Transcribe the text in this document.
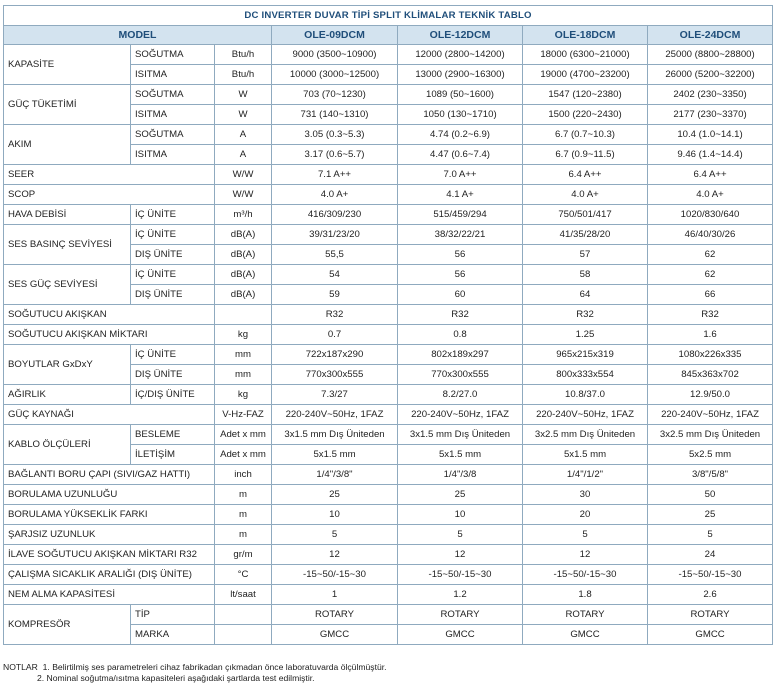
DC INVERTER DUVAR TİPİ SPLIT KLİMALAR TEKNİK TABLO						
MODEL			OLE-09DCM	OLE-12DCM	OLE-18DCM	OLE-24DCM
KAPASİTE	SOĞUTMA	Btu/h	9000 (3500~10900)	12000 (2800~14200)	18000 (6300~21000)	25000 (8800~28800)
	ISITMA	Btu/h	10000 (3000~12500)	13000 (2900~16300)	19000 (4700~23200)	26000 (5200~32200)
GÜÇ TÜKETİMİ	SOĞUTMA	W	703 (70~1230)	1089 (50~1600)	1547 (120~2380)	2402 (230~3350)
	ISITMA	W	731 (140~1310)	1050 (130~1710)	1500 (220~2430)	2177 (230~3370)
AKIM	SOĞUTMA	A	3.05 (0.3~5.3)	4.74 (0.2~6.9)	6.7 (0.7~10.3)	10.4 (1.0~14.1)
	ISITMA	A	3.17 (0.6~5.7)	4.47 (0.6~7.4)	6.7 (0.9~11.5)	9.46 (1.4~14.4)
SEER		W/W	7.1 A++	7.0 A++	6.4 A++	6.4 A++
SCOP		W/W	4.0 A+	4.1 A+	4.0 A+	4.0 A+
HAVA DEBİSİ	İÇ ÜNİTE	m³/h	416/309/230	515/459/294	750/501/417	1020/830/640
SES BASINÇ SEVİYESİ	İÇ ÜNİTE	dB(A)	39/31/23/20	38/32/22/21	41/35/28/20	46/40/30/26
	DIŞ ÜNİTE	dB(A)	55,5	56	57	62
SES GÜÇ SEVİYESİ	İÇ ÜNİTE	dB(A)	54	56	58	62
	DIŞ ÜNİTE	dB(A)	59	60	64	66
SOĞUTUCU AKIŞKAN			R32	R32	R32	R32
SOĞUTUCU AKIŞKAN MİKTARI		kg	0.7	0.8	1.25	1.6
BOYUTLAR GxDxY	İÇ ÜNİTE	mm	722x187x290	802x189x297	965x215x319	1080x226x335
	DIŞ ÜNİTE	mm	770x300x555	770x300x555	800x333x554	845x363x702
AĞIRLIK	İÇ/DIŞ ÜNİTE	kg	7.3/27	8.2/27.0	10.8/37.0	12.9/50.0
GÜÇ KAYNAĞI		V-Hz-FAZ	220-240V~50Hz, 1FAZ	220-240V~50Hz, 1FAZ	220-240V~50Hz, 1FAZ	220-240V~50Hz, 1FAZ
KABLO ÖLÇÜLERİ	BESLEME	Adet x mm	3x1.5 mm Dış Üniteden	3x1.5 mm Dış Üniteden	3x2.5 mm Dış Üniteden	3x2.5 mm Dış Üniteden
	İLETİŞİM	Adet x mm	5x1.5 mm	5x1.5 mm	5x1.5 mm	5x2.5 mm
BAĞLANTI BORU ÇAPI (SIVI/GAZ HATTI)		inch	1/4"/3/8"	1/4"/3/8	1/4"/1/2"	3/8"/5/8"
BORULAMA UZUNLUĞU		m	25	25	30	50
BORULAMA YÜKSEKLİK FARKI		m	10	10	20	25
ŞARJSIZ UZUNLUK		m	5	5	5	5
İLAVE SOĞUTUCU AKIŞKAN MİKTARI R32		gr/m	12	12	12	24
ÇALIŞMA SICAKLIK ARALIĞI (DIŞ ÜNİTE)		°C	-15~50/-15~30	-15~50/-15~30	-15~50/-15~30	-15~50/-15~30
NEM ALMA KAPASİTESİ		lt/saat	1	1.2	1.8	2.6
KOMPRESÖR	TİP		ROTARY	ROTARY	ROTARY	ROTARY
	MARKA		GMCC	GMCC	GMCC	GMCC
NOTLAR 1. Belirtilmiş ses parametreleri cihaz fabrikadan çıkmadan önce laboratuvarda ölçülmüştür.
2. Nominal soğutma/ısıtma kapasiteleri aşağıdaki şartlarda test edilmiştir.
